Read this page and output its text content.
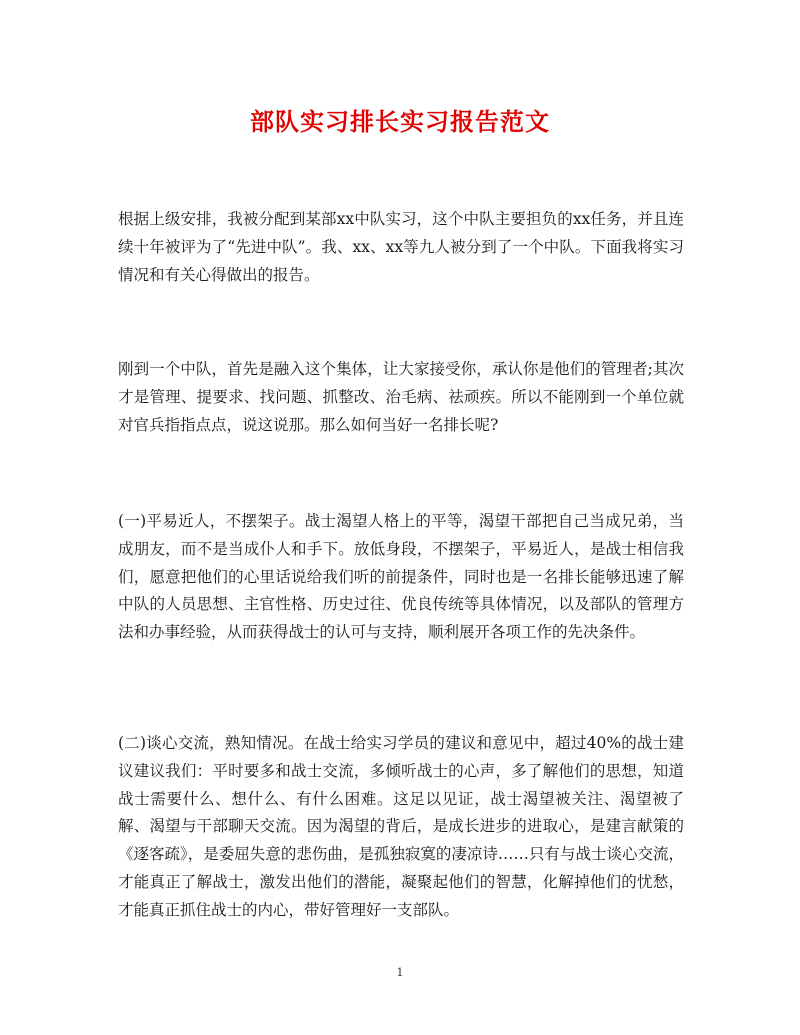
部队实习排长实习报告范文

根据上级安排，我被分配到某部xx中队实习，这个中队主要担负的xx任务，并且连续十年被评为了“先进中队”。我、xx、xx等九人被分到了一个中队。下面我将实习情况和有关心得做出的报告。

刚到一个中队，首先是融入这个集体，让大家接受你，承认你是他们的管理者;其次才是管理、提要求、找问题、抓整改、治毛病、祛顽疾。所以不能刚到一个单位就对官兵指指点点，说这说那。那么如何当好一名排长呢?

(一)平易近人，不摆架子。战士渴望人格上的平等，渴望干部把自己当成兄弟，当成朋友，而不是当成仆人和手下。放低身段，不摆架子，平易近人，是战士相信我们，愿意把他们的心里话说给我们听的前提条件，同时也是一名排长能够迅速了解中队的人员思想、主官性格、历史过往、优良传统等具体情况，以及部队的管理方法和办事经验，从而获得战士的认可与支持，顺利展开各项工作的先决条件。

(二)谈心交流，熟知情况。在战士给实习学员的建议和意见中，超过40%的战士建议建议我们：平时要多和战士交流，多倾听战士的心声，多了解他们的思想，知道战士需要什么、想什么、有什么困难。这足以见证，战士渴望被关注、渴望被了解、渴望与干部聊天交流。因为渴望的背后，是成长进步的进取心，是建言献策的《逐客疏》，是委屈失意的悲伤曲，是孤独寂寞的凄凉诗……只有与战士谈心交流，才能真正了解战士，激发出他们的潜能，凝聚起他们的智慧，化解掉他们的忧愁，才能真正抓住战士的内心，带好管理好一支部队。

1
